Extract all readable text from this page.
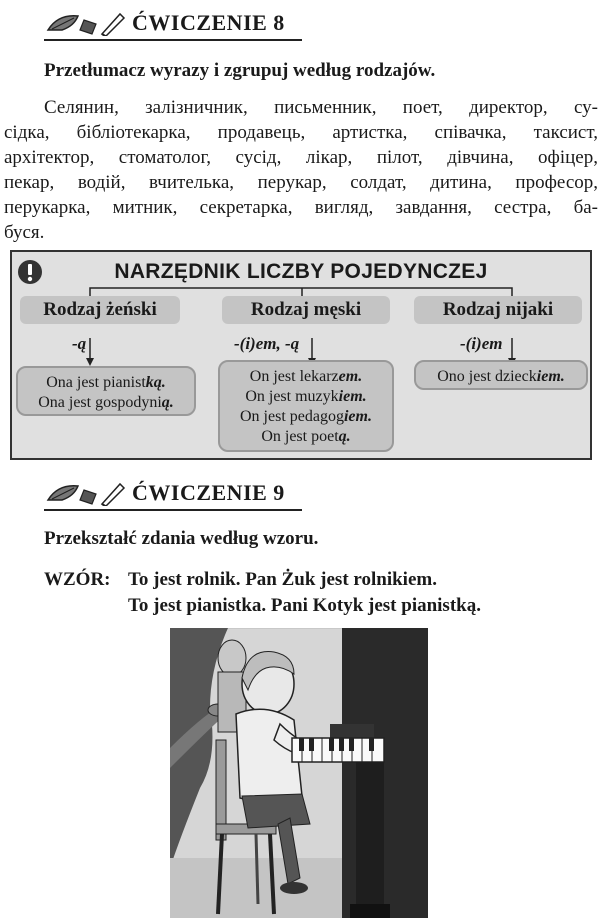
ĆWICZENIE 8
Przetłumacz wyrazy i zgrupuj według rodzajów.
Селянин, залізничник, письменник, поет, директор, су-
сідка, бібліотекарка, продавець, артистка, співачка, таксист,
архітектор, стоматолог, сусід, лікар, пілот, дівчина, офіцер,
пекар, водій, вчителька, перукар, солдат, дитина, професор,
перукарка, митник, секретарка, вигляд, завдання, сестра, ба-
буся.
NARZĘDNIK LICZBY POJEDYNCZEJ
Rodzaj żeński	Rodzaj męski	Rodzaj nijaki
-ą	-(i)em, -ą	-(i)em
Ona jest pianistką.
Ona jest gospodynią.
On jest lekarzem.
On jest muzykiem.
On jest pedagogiem.
On jest poetą.
Ono jest dzieckiem.
ĆWICZENIE 9
Przekształć zdania według wzoru.
WZÓR: To jest rolnik. Pan Żuk jest rolnikiem.
To jest pianistka. Pani Kotyk jest pianistką.
